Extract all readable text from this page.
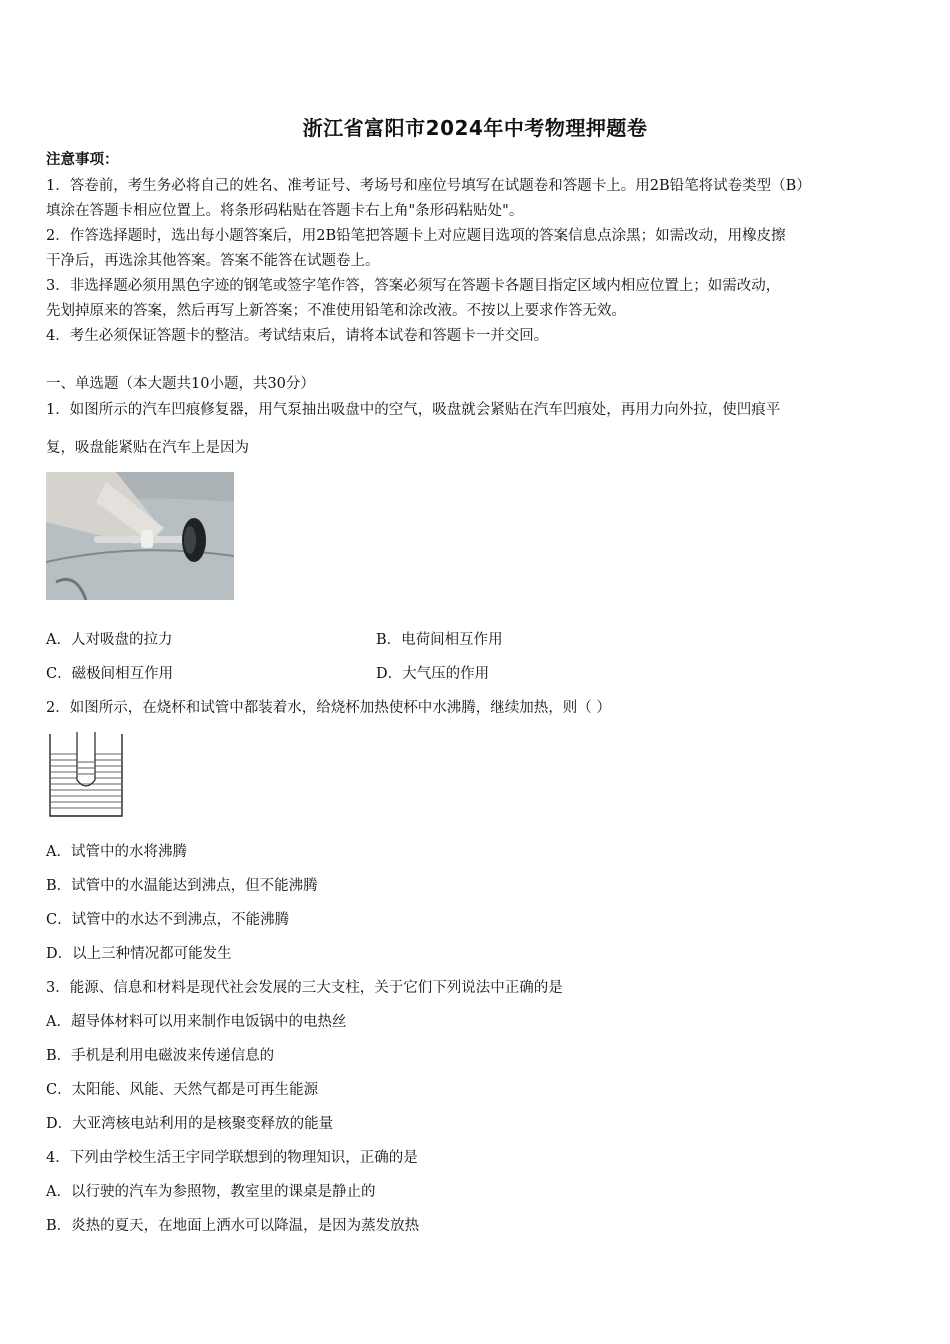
浙江省富阳市2024年中考物理押题卷
注意事项：
1．答卷前，考生务必将自己的姓名、准考证号、考场号和座位号填写在试题卷和答题卡上。用2B铅笔将试卷类型（B）
填涂在答题卡相应位置上。将条形码粘贴在答题卡右上角"条形码粘贴处"。
2．作答选择题时，选出每小题答案后，用2B铅笔把答题卡上对应题目选项的答案信息点涂黑；如需改动，用橡皮擦
干净后，再选涂其他答案。答案不能答在试题卷上。
3．非选择题必须用黑色字迹的钢笔或签字笔作答，答案必须写在答题卡各题目指定区域内相应位置上；如需改动，
先划掉原来的答案，然后再写上新答案；不准使用铅笔和涂改液。不按以上要求作答无效。
4．考生必须保证答题卡的整洁。考试结束后，请将本试卷和答题卡一并交回。
一、单选题（本大题共10小题，共30分）
1．如图所示的汽车凹痕修复器，用气泵抽出吸盘中的空气，吸盘就会紧贴在汽车凹痕处，再用力向外拉，使凹痕平
复，吸盘能紧贴在汽车上是因为
A．人对吸盘的拉力	B．电荷间相互作用
C．磁极间相互作用	D．大气压的作用
2．如图所示，在烧杯和试管中都装着水，给烧杯加热使杯中水沸腾，继续加热，则（ ）
A．试管中的水将沸腾
B．试管中的水温能达到沸点，但不能沸腾
C．试管中的水达不到沸点，不能沸腾
D．以上三种情况都可能发生
3．能源、信息和材料是现代社会发展的三大支柱，关于它们下列说法中正确的是
A．超导体材料可以用来制作电饭锅中的电热丝
B．手机是利用电磁波来传递信息的
C．太阳能、风能、天然气都是可再生能源
D．大亚湾核电站利用的是核聚变释放的能量
4．下列由学校生活王宇同学联想到的物理知识，正确的是
A．以行驶的汽车为参照物，教室里的课桌是静止的
B．炎热的夏天，在地面上洒水可以降温，是因为蒸发放热
